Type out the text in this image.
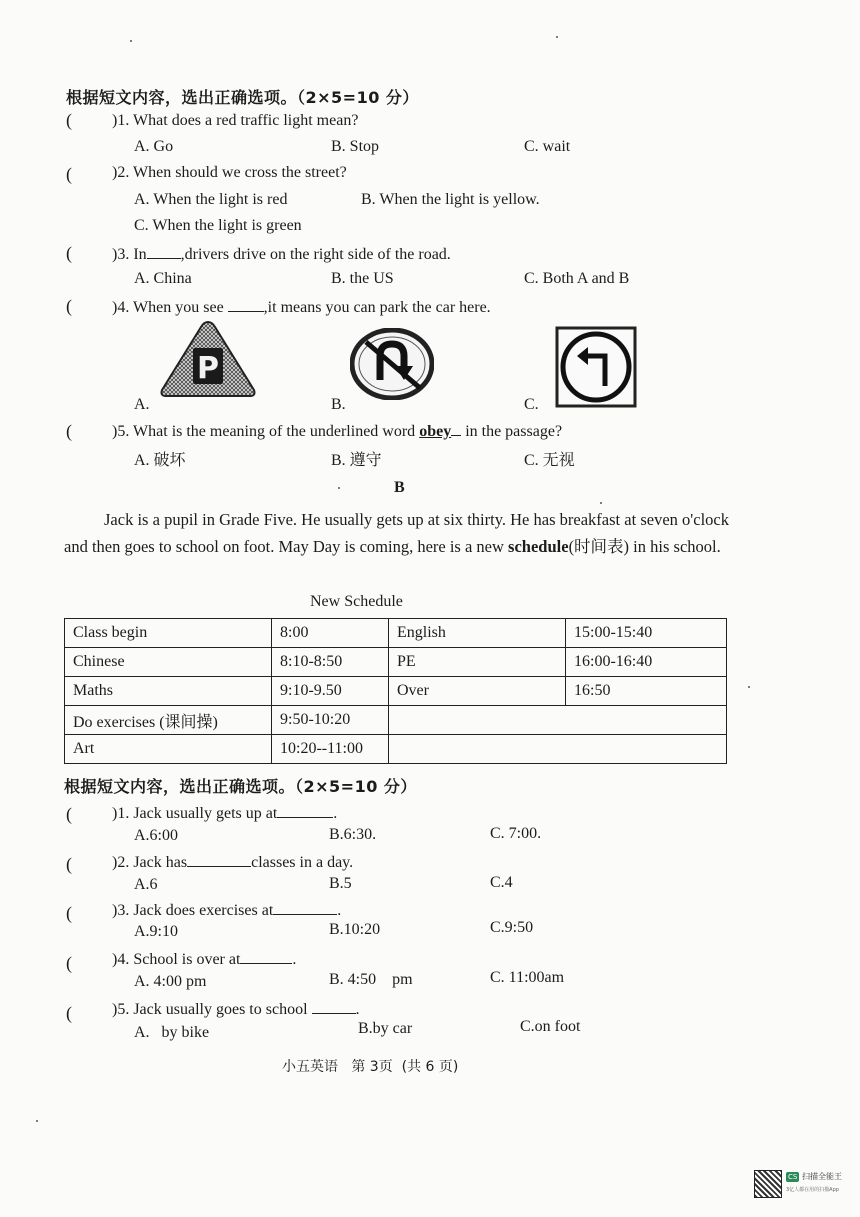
根据短文内容，选出正确选项。（2×5=10 分）
(	)1. What does a red traffic light mean?
A. Go	B. Stop	C. wait
(	)2. When should we cross the street?
A. When the light is red	B. When the light is yellow.
C. When the light is green
(	)3. In ,drivers drive on the right side of the road.
A. China	B. the US	C. Both A and B
(	)4. When you see	,it means you can park the car here.
P
A.	B.	C.
(	)5. What is the meaning of the underlined word obey in the passage?
A. 破坏	B. 遵守	C. 无视
B
Jack is a pupil in Grade Five. He usually gets up at six thirty. He has breakfast at seven o'clock and then goes to school on foot. May Day is coming, here is a new schedule(时间表) in his school.
New Schedule
Class begin	8:00	English	15:00-15:40
Chinese	8:10-8:50	PE	16:00-16:40
Maths	9:10-9.50	Over	16:50
Do exercises (课间操)	9:50-10:20		
Art	10:20--11:00		
根据短文内容，选出正确选项。（2×5=10 分）
(	)1. Jack usually gets up at	.
A.6:00	B.6:30.	C. 7:00.
(	)2. Jack has	classes in a day.
A.6	B.5	C.4
(	)3. Jack does exercises at	.
A.9:10	B.10:20	C.9:50
(	)4. School is over at	.
A. 4:00 pm	B. 4:50    pm	C. 11:00am
(	)5. Jack usually goes to school	.
A.   by bike	B.by car	C.on foot
小五英语   第 3页  (共 6 页)
CS 扫描全能王
3亿人都在用的扫描App
